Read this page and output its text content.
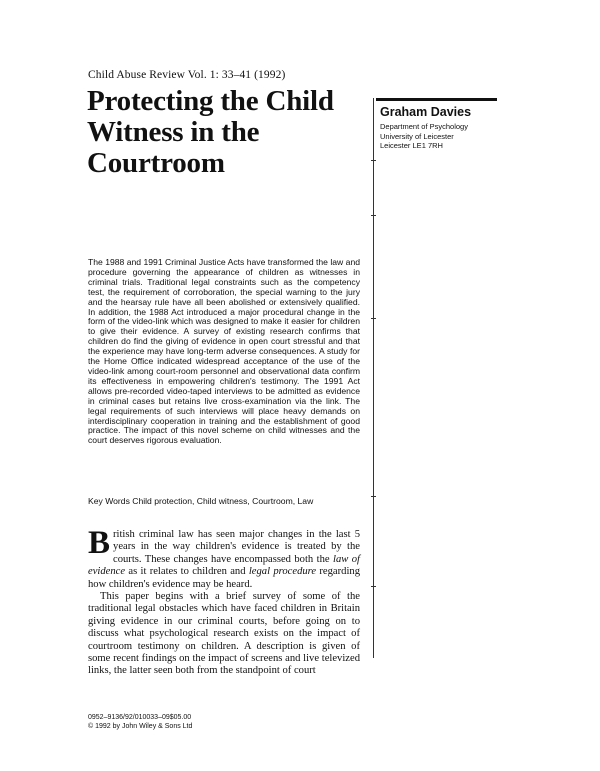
Child Abuse Review Vol. 1: 33–41 (1992)
Protecting the Child Witness in the Courtroom
Graham Davies
Department of Psychology
University of Leicester
Leicester LE1 7RH

The 1988 and 1991 Criminal Justice Acts have transformed the law and procedure governing the appearance of children as witnesses in criminal trials. Traditional legal constraints such as the competency test, the requirement of corroboration, the special warning to the jury and the hearsay rule have all been abolished or extensively qualified. In addition, the 1988 Act introduced a major procedural change in the form of the video-link which was designed to make it easier for children to give their evidence. A survey of existing research confirms that children do find the giving of evidence in open court stressful and that the experience may have long-term adverse consequences. A study for the Home Office indicated widespread acceptance of the use of the video-link among court-room personnel and observational data confirm its effectiveness in empowering children's testimony. The 1991 Act allows pre-recorded video-taped interviews to be admitted as evidence in criminal cases but retains live cross-examination via the link. The legal requirements of such interviews will place heavy demands on interdisciplinary cooperation in training and the establishment of good practice. The impact of this novel scheme on child witnesses and the court deserves rigorous evaluation.

Key Words Child protection, Child witness, Courtroom, Law

British criminal law has seen major changes in the last 5 years in the way children's evidence is treated by the courts. These changes have encompassed both the law of evidence as it relates to children and legal procedure regarding how children's evidence may be heard.

This paper begins with a brief survey of some of the traditional legal obstacles which have faced children in Britain giving evidence in our criminal courts, before going on to discuss what psychological research exists on the impact of courtroom testimony on children. A description is given of some recent findings on the impact of screens and live televized links, the latter seen both from the standpoint of court

0952–9136/92/010033–09$05.00
© 1992 by John Wiley & Sons Ltd
